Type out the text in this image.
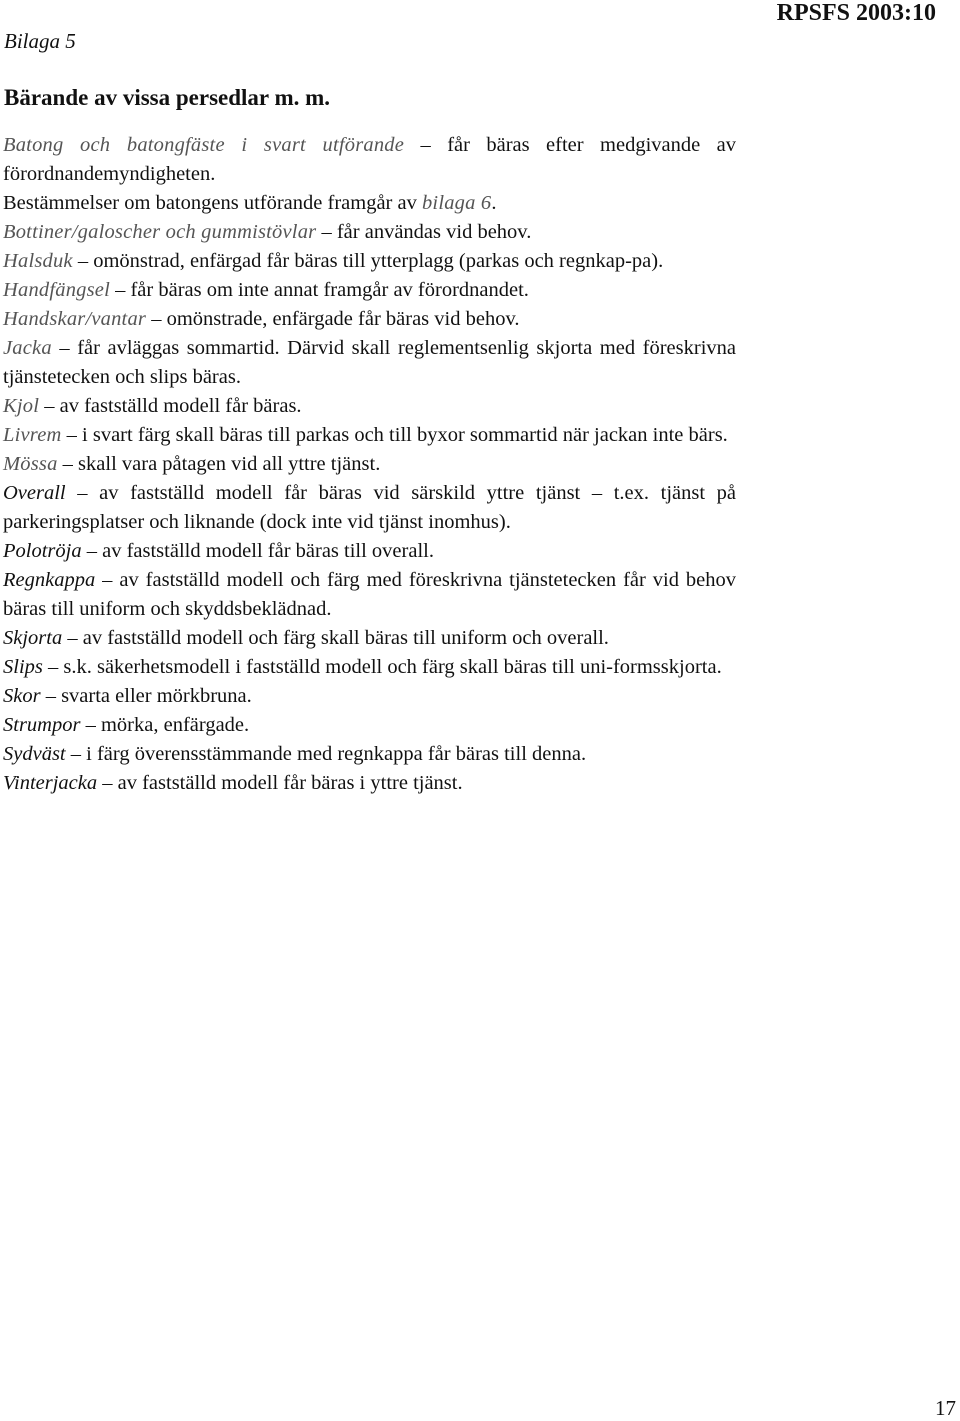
Bilaga 5
RPSFS 2003:10
Bärande av vissa persedlar m. m.

Batong och batongfäste i svart utförande – får bäras efter medgivande av förordnandemyndigheten.

Bestämmelser om batongens utförande framgår av bilaga 6.

Bottiner/galoscher och gummistövlar – får användas vid behov.

Halsduk – omönstrad, enfärgad får bäras till ytterplagg (parkas och regnkap-pa).

Handfängsel – får bäras om inte annat framgår av förordnandet.

Handskar/vantar – omönstrade, enfärgade får bäras vid behov.

Jacka – får avläggas sommartid. Därvid skall reglementsenlig skjorta med föreskrivna tjänstetecken och slips bäras.

Kjol – av fastställd modell får bäras.

Livrem – i svart färg skall bäras till parkas och till byxor sommartid när jackan inte bärs.

Mössa – skall vara påtagen vid all yttre tjänst.

Overall – av fastställd modell får bäras vid särskild yttre tjänst – t.ex. tjänst på parkeringsplatser och liknande (dock inte vid tjänst inomhus).

Polotröja – av fastställd modell får bäras till overall.

Regnkappa – av fastställd modell och färg med föreskrivna tjänstetecken får vid behov bäras till uniform och skyddsbeklädnad.

Skjorta – av fastställd modell och färg skall bäras till uniform och overall.

Slips – s.k. säkerhetsmodell i fastställd modell och färg skall bäras till uni-formsskjorta.

Skor – svarta eller mörkbruna.

Strumpor – mörka, enfärgade.

Sydväst – i färg överensstämmande med regnkappa får bäras till denna.

Vinterjacka – av fastställd modell får bäras i yttre tjänst.

17
